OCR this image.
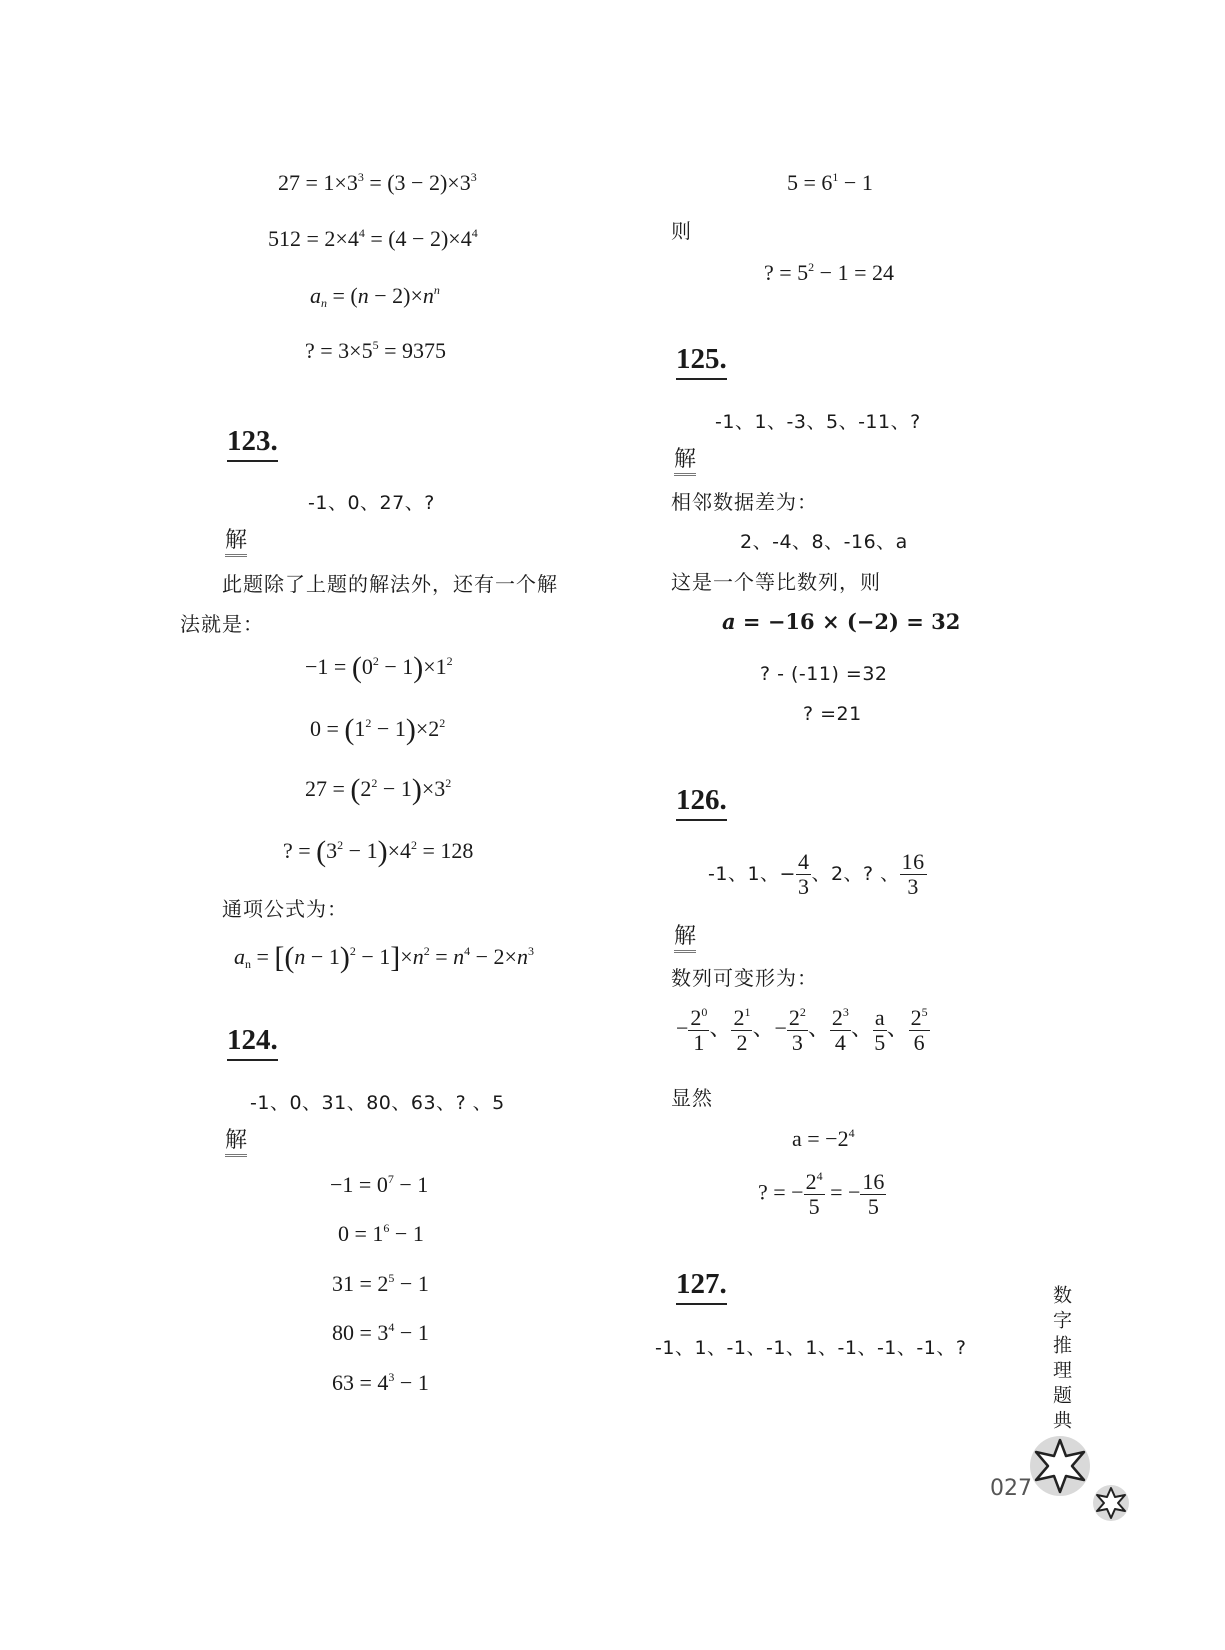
$27 = 1\times 3^3 = (3 - 2)\times 3^3$
$512 = 2\times 4^4 = (4 - 2)\times 4^4$
$a_n = (n - 2)\times n^n$
? = $3\times 5^5 = 9375$
123.
-1、0、27、?
解
此题除了上题的解法外，还有一个解
法就是：
$-1 = (0^2 - 1)\times 1^2$
$0 = (1^2 - 1)\times 2^2$
$27 = (2^2 - 1)\times 3^2$
? = $(3^2 - 1)\times 4^2 = 128$
通项公式为：
$a_n = [(n - 1)^2 - 1]\times n^2 = n^4 - 2\times n^3$
124.
-1、0、31、80、63、? 、5
解
$-1 = 0^7 - 1$
$0 = 1^6 - 1$
$31 = 2^5 - 1$
$80 = 3^4 - 1$
$63 = 4^3 - 1$
$5 = 6^1 - 1$
则
? = $5^2 - 1 = 24$
125.
-1、1、-3、5、-11、?
解
相邻数据差为：
2、-4、8、-16、a
这是一个等比数列，则
a = −16 × (−2) = 32
? - (-11) =32
? =21
126.
-1、1、− $\frac{4}{3}$ 、2、? 、 $\frac{16}{3}$
解
数列可变形为：
− $\frac{2^0}{1}$ 、 $\frac{2^1}{2}$ 、− $\frac{2^2}{3}$ 、 $\frac{2^3}{4}$ 、 $\frac{a}{5}$ 、 $\frac{2^5}{6}$
显然
$a = -2^4$
? = − $\frac{2^4}{5}$ = − $\frac{16}{5}$
127.
-1、1、-1、-1、1、-1、-1、-1、?	数字推理题典
027
